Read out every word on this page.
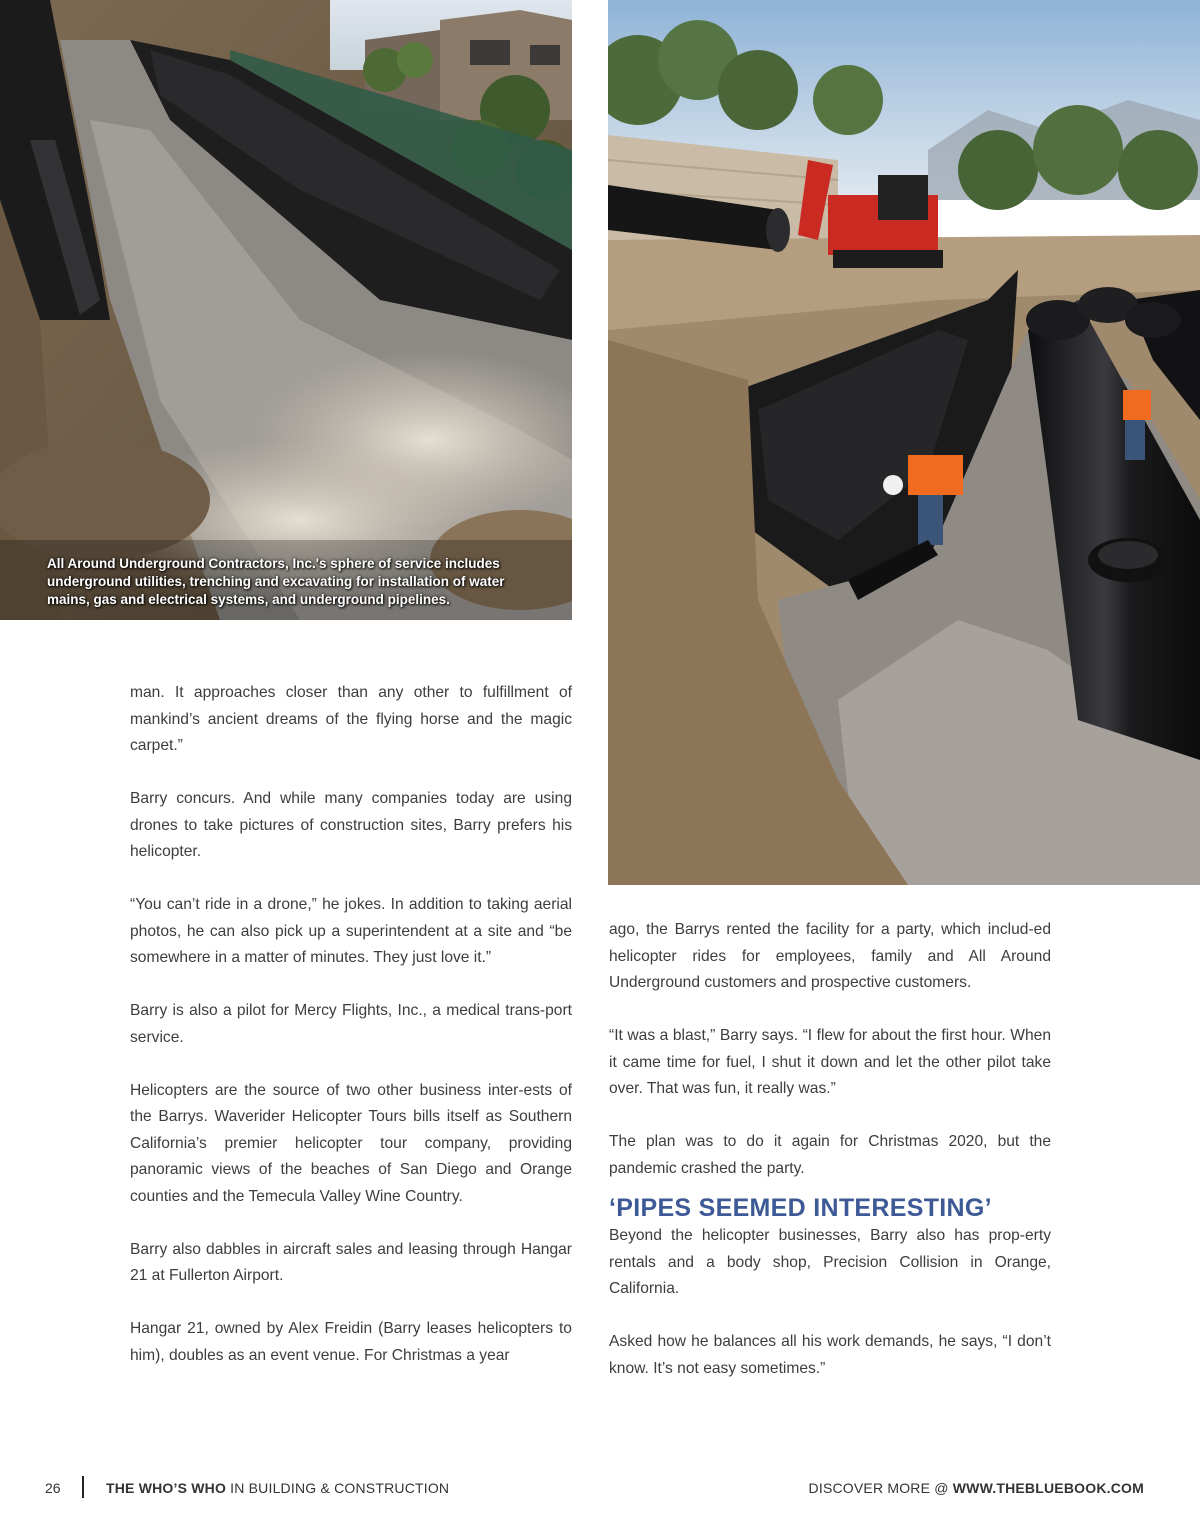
All Around Underground Contractors, Inc.'s sphere of service includes underground utilities, trenching and excavating for installation of water mains, gas and electrical systems, and underground pipelines.

man. It approaches closer than any other to fulfillment of mankind’s ancient dreams of the flying horse and the magic carpet.”

Barry concurs. And while many companies today are using drones to take pictures of construction sites, Barry prefers his helicopter.

“You can’t ride in a drone,” he jokes. In addition to taking aerial photos, he can also pick up a superintendent at a site and “be somewhere in a matter of minutes. They just love it.”

Barry is also a pilot for Mercy Flights, Inc., a medical trans-port service.

Helicopters are the source of two other business inter-ests of the Barrys. Waverider Helicopter Tours bills itself as Southern California’s premier helicopter tour company, providing panoramic views of the beaches of San Diego and Orange counties and the Temecula Valley Wine Country.

Barry also dabbles in aircraft sales and leasing through Hangar 21 at Fullerton Airport.

Hangar 21, owned by Alex Freidin (Barry leases helicopters to him), doubles as an event venue. For Christmas a year

ago, the Barrys rented the facility for a party, which includ-ed helicopter rides for employees, family and All Around Underground customers and prospective customers.

“It was a blast,” Barry says. “I flew for about the first hour. When it came time for fuel, I shut it down and let the other pilot take over. That was fun, it really was.”

The plan was to do it again for Christmas 2020, but the pandemic crashed the party.

‘PIPES SEEMED INTERESTING’

Beyond the helicopter businesses, Barry also has prop-erty rentals and a body shop, Precision Collision in Orange, California.

Asked how he balances all his work demands, he says, “I don’t know. It’s not easy sometimes.”

26	THE WHO’S WHO IN BUILDING & CONSTRUCTION	DISCOVER MORE @ WWW.THEBLUEBOOK.COM
